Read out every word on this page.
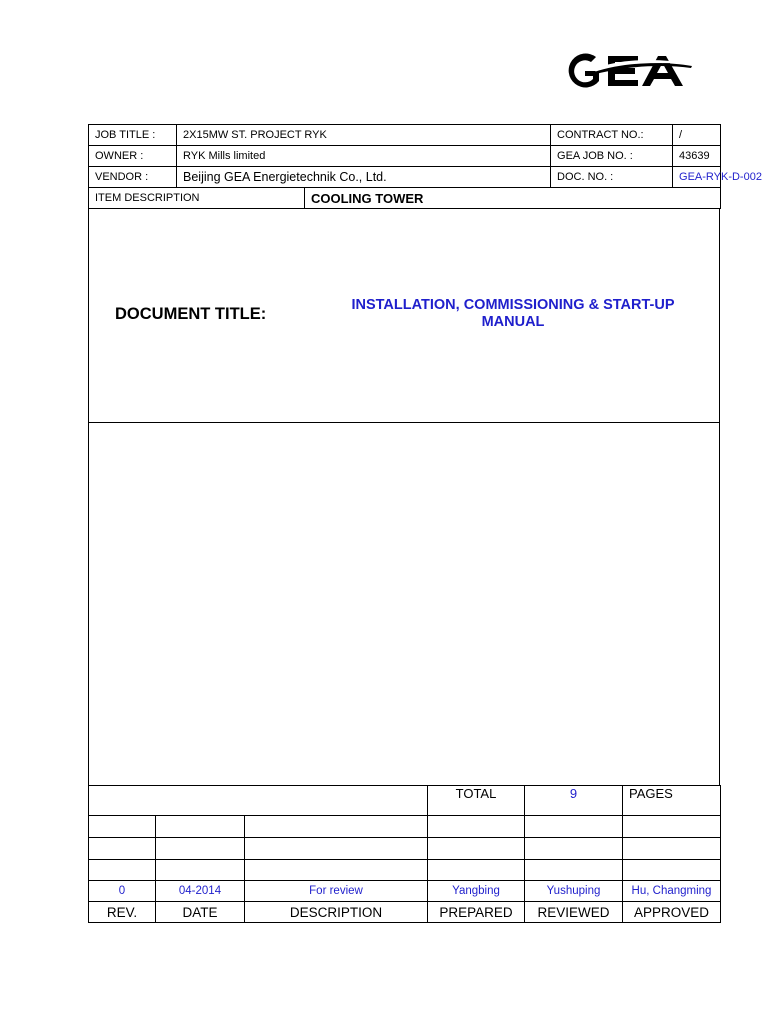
JOB TITLE :	2X15MW ST. PROJECT RYK		CONTRACT NO.:	/
OWNER :	RYK Mills limited		GEA JOB NO. :	43639
VENDOR :	Beijing GEA Energietechnik Co., Ltd.		DOC. NO. :	GEA-RYK-D-002
ITEM DESCRIPTION		COOLING TOWER		
DOCUMENT TITLE:	INSTALLATION, COMMISSIONING & START-UP
MANUAL
			TOTAL	9	PAGES

0	04-2014	For review	Yangbing	Yushuping	Hu, Changming
REV.	DATE	DESCRIPTION	PREPARED	REVIEWED	APPROVED
